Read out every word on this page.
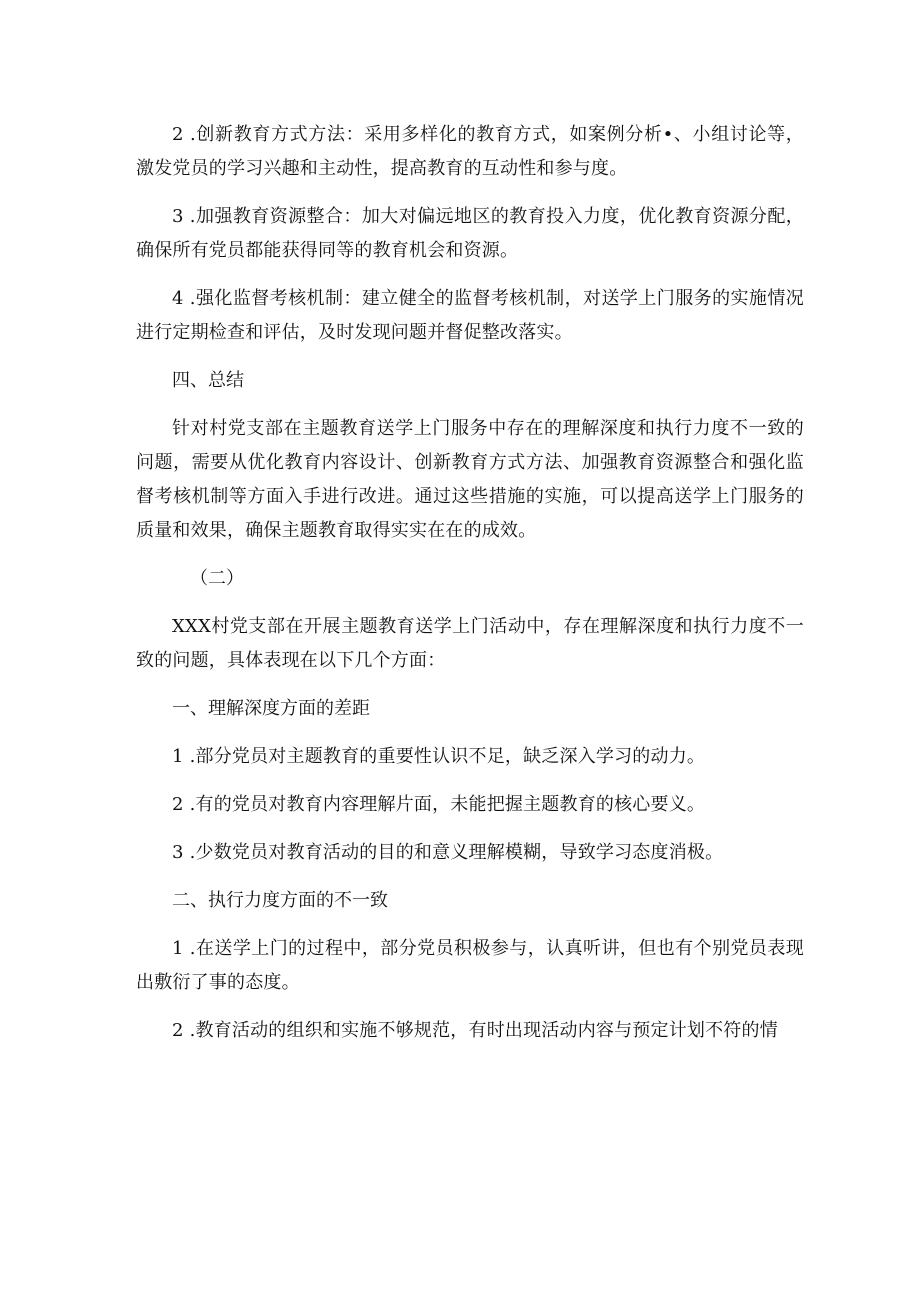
2 .创新教育方式方法：采用多样化的教育方式，如案例分析•、小组讨论等，激发党员的学习兴趣和主动性，提高教育的互动性和参与度。

3 .加强教育资源整合：加大对偏远地区的教育投入力度，优化教育资源分配，确保所有党员都能获得同等的教育机会和资源。

4 .强化监督考核机制：建立健全的监督考核机制，对送学上门服务的实施情况进行定期检查和评估，及时发现问题并督促整改落实。

四、总结

针对村党支部在主题教育送学上门服务中存在的理解深度和执行力度不一致的问题，需要从优化教育内容设计、创新教育方式方法、加强教育资源整合和强化监督考核机制等方面入手进行改进。通过这些措施的实施，可以提高送学上门服务的质量和效果，确保主题教育取得实实在在的成效。

（二）

XXX村党支部在开展主题教育送学上门活动中，存在理解深度和执行力度不一致的问题，具体表现在以下几个方面：

一、理解深度方面的差距

1 .部分党员对主题教育的重要性认识不足，缺乏深入学习的动力。

2 .有的党员对教育内容理解片面，未能把握主题教育的核心要义。

3 .少数党员对教育活动的目的和意义理解模糊，导致学习态度消极。

二、执行力度方面的不一致

1 .在送学上门的过程中，部分党员积极参与，认真听讲，但也有个别党员表现出敷衍了事的态度。

2 .教育活动的组织和实施不够规范，有时出现活动内容与预定计划不符的情
